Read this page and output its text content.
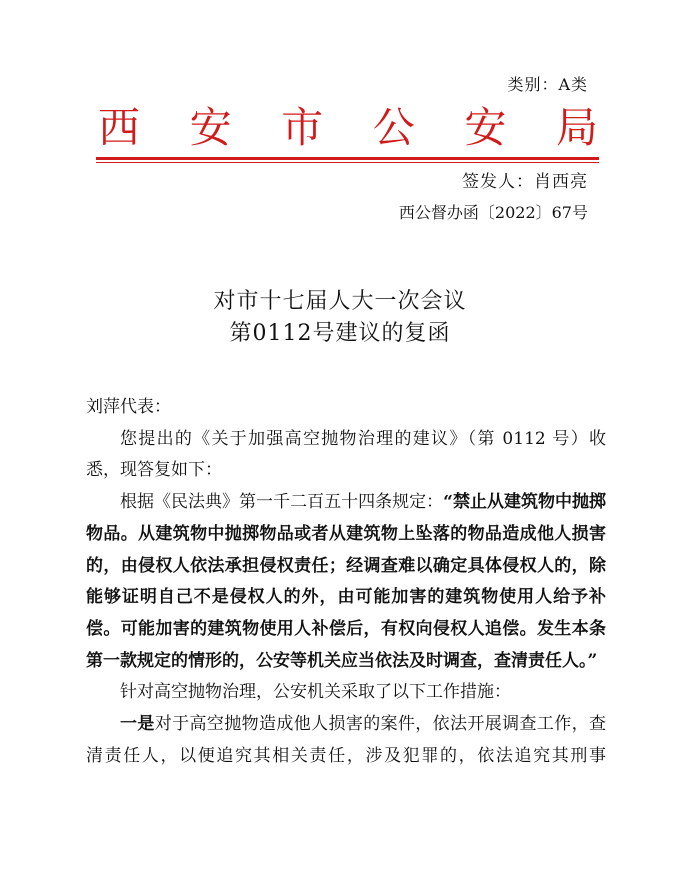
类别：A类
西 安 市 公 安 局
签发人：肖西亮
西公督办函〔2022〕67号
对市十七届人大一次会议
第0112号建议的复函

刘萍代表：

您提出的《关于加强高空抛物治理的建议》（第 0112 号）收悉，现答复如下：

根据《民法典》第一千二百五十四条规定：“禁止从建筑物中抛掷物品。从建筑物中抛掷物品或者从建筑物上坠落的物品造成他人损害的，由侵权人依法承担侵权责任；经调查难以确定具体侵权人的，除能够证明自己不是侵权人的外，由可能加害的建筑物使用人给予补偿。可能加害的建筑物使用人补偿后，有权向侵权人追偿。发生本条第一款规定的情形的，公安等机关应当依法及时调查，查清责任人。”

针对高空抛物治理，公安机关采取了以下工作措施：

一是对于高空抛物造成他人损害的案件，依法开展调查工作，查清责任人，以便追究其相关责任，涉及犯罪的，依法追究其刑事
